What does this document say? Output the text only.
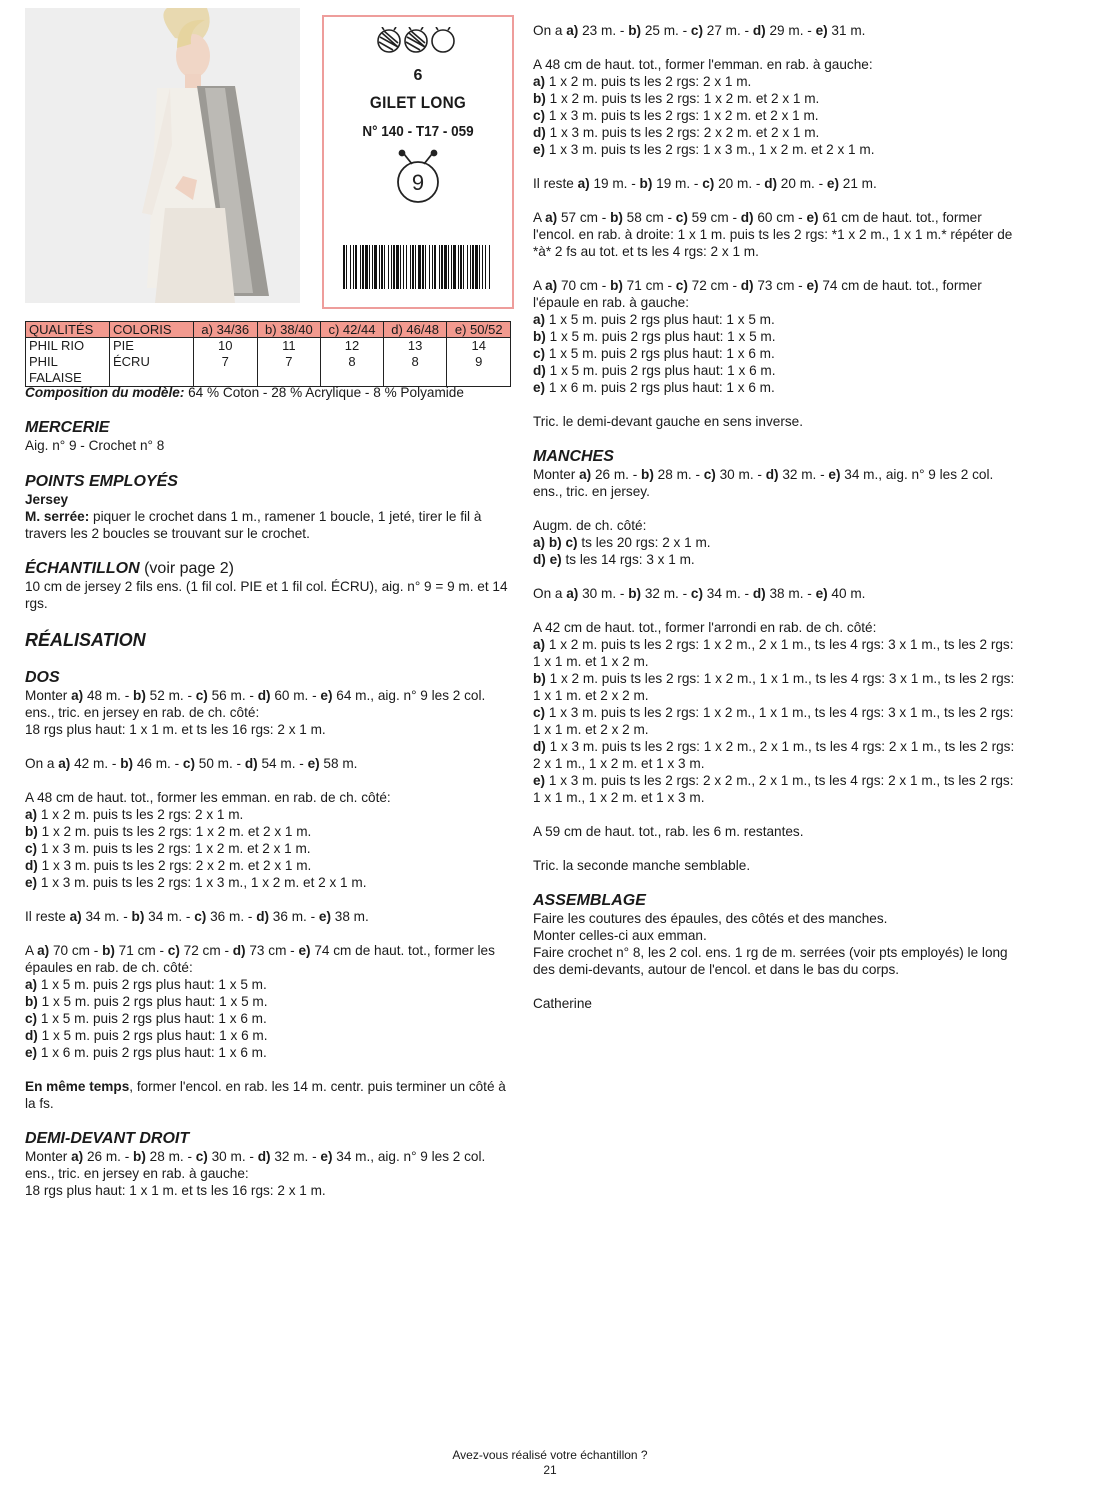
6
GILET LONG
N° 140 - T17 - 059
9
QUALITÉS	COLORIS	a) 34/36	b) 38/40	c) 42/44	d) 46/48	e) 50/52
PHIL RIO	PIE	10	11	12	13	14
PHIL FALAISE	ÉCRU	7	7	8	8	9

Composition du modèle: 64 % Coton - 28 % Acrylique - 8 % Polyamide

MERCERIE

Aig. n° 9 - Crochet n° 8

POINTS EMPLOYÉS

Jersey

M. serrée: piquer le crochet dans 1 m., ramener 1 boucle, 1 jeté, tirer le fil à travers les 2 boucles se trouvant sur le crochet.

ÉCHANTILLON (voir page 2)

10 cm de jersey 2 fils ens. (1 fil col. PIE et 1 fil col. ÉCRU), aig. n° 9 = 9 m. et 14 rgs.

RÉALISATION
DOS

Monter a) 48 m. - b) 52 m. - c) 56 m. - d) 60 m. - e) 64 m., aig. n° 9 les 2 col. ens., tric. en jersey en rab. de ch. côté:

18 rgs plus haut: 1 x 1 m. et ts les 16 rgs: 2 x 1 m.

On a a) 42 m. - b) 46 m. - c) 50 m. - d) 54 m. - e) 58 m.

A 48 cm de haut. tot., former les emman. en rab. de ch. côté:

a) 1 x 2 m. puis ts les 2 rgs: 2 x 1 m.

b) 1 x 2 m. puis ts les 2 rgs: 1 x 2 m. et 2 x 1 m.

c) 1 x 3 m. puis ts les 2 rgs: 1 x 2 m. et 2 x 1 m.

d) 1 x 3 m. puis ts les 2 rgs: 2 x 2 m. et 2 x 1 m.

e) 1 x 3 m. puis ts les 2 rgs: 1 x 3 m., 1 x 2 m. et 2 x 1 m.

Il reste a) 34 m. - b) 34 m. - c) 36 m. - d) 36 m. - e) 38 m.

A a) 70 cm - b) 71 cm - c) 72 cm - d) 73 cm - e) 74 cm de haut. tot., former les épaules en rab. de ch. côté:

a) 1 x 5 m. puis 2 rgs plus haut: 1 x 5 m.

b) 1 x 5 m. puis 2 rgs plus haut: 1 x 5 m.

c) 1 x 5 m. puis 2 rgs plus haut: 1 x 6 m.

d) 1 x 5 m. puis 2 rgs plus haut: 1 x 6 m.

e) 1 x 6 m. puis 2 rgs plus haut: 1 x 6 m.

En même temps, former l'encol. en rab. les 14 m. centr. puis terminer un côté à la fs.

DEMI-DEVANT DROIT

Monter a) 26 m. - b) 28 m. - c) 30 m. - d) 32 m. - e) 34 m., aig. n° 9 les 2 col. ens., tric. en jersey en rab. à gauche:

18 rgs plus haut: 1 x 1 m. et ts les 16 rgs: 2 x 1 m.

On a a) 23 m. - b) 25 m. - c) 27 m. - d) 29 m. - e) 31 m.

A 48 cm de haut. tot., former l'emman. en rab. à gauche:

a) 1 x 2 m. puis ts les 2 rgs: 2 x 1 m.

b) 1 x 2 m. puis ts les 2 rgs: 1 x 2 m. et 2 x 1 m.

c) 1 x 3 m. puis ts les 2 rgs: 1 x 2 m. et 2 x 1 m.

d) 1 x 3 m. puis ts les 2 rgs: 2 x 2 m. et 2 x 1 m.

e) 1 x 3 m. puis ts les 2 rgs: 1 x 3 m., 1 x 2 m. et 2 x 1 m.

Il reste a) 19 m. - b) 19 m. - c) 20 m. - d) 20 m. - e) 21 m.

A a) 57 cm - b) 58 cm - c) 59 cm - d) 60 cm - e) 61 cm de haut. tot., former l'encol. en rab. à droite: 1 x 1 m. puis ts les 2 rgs: *1 x 2 m., 1 x 1 m.* répéter de *à* 2 fs au tot. et ts les 4 rgs: 2 x 1 m.

A a) 70 cm - b) 71 cm - c) 72 cm - d) 73 cm - e) 74 cm de haut. tot., former l'épaule en rab. à gauche:

a) 1 x 5 m. puis 2 rgs plus haut: 1 x 5 m.

b) 1 x 5 m. puis 2 rgs plus haut: 1 x 5 m.

c) 1 x 5 m. puis 2 rgs plus haut: 1 x 6 m.

d) 1 x 5 m. puis 2 rgs plus haut: 1 x 6 m.

e) 1 x 6 m. puis 2 rgs plus haut: 1 x 6 m.

Tric. le demi-devant gauche en sens inverse.

MANCHES

Monter a) 26 m. - b) 28 m. - c) 30 m. - d) 32 m. - e) 34 m., aig. n° 9 les 2 col. ens., tric. en jersey.

Augm. de ch. côté:

a) b) c) ts les 20 rgs: 2 x 1 m.

d) e) ts les 14 rgs: 3 x 1 m.

On a a) 30 m. - b) 32 m. - c) 34 m. - d) 38 m. - e) 40 m.

A 42 cm de haut. tot., former l'arrondi en rab. de ch. côté:

a) 1 x 2 m. puis ts les 2 rgs: 1 x 2 m., 2 x 1 m., ts les 4 rgs: 3 x 1 m., ts les 2 rgs: 1 x 1 m. et 1 x 2 m.

b) 1 x 2 m. puis ts les 2 rgs: 1 x 2 m., 1 x 1 m., ts les 4 rgs: 3 x 1 m., ts les 2 rgs: 1 x 1 m. et 2 x 2 m.

c) 1 x 3 m. puis ts les 2 rgs: 1 x 2 m., 1 x 1 m., ts les 4 rgs: 3 x 1 m., ts les 2 rgs: 1 x 1 m. et 2 x 2 m.

d) 1 x 3 m. puis ts les 2 rgs: 1 x 2 m., 2 x 1 m., ts les 4 rgs: 2 x 1 m., ts les 2 rgs: 2 x 1 m., 1 x 2 m. et 1 x 3 m.

e) 1 x 3 m. puis ts les 2 rgs: 2 x 2 m., 2 x 1 m., ts les 4 rgs: 2 x 1 m., ts les 2 rgs: 1 x 1 m., 1 x 2 m. et 1 x 3 m.

A 59 cm de haut. tot., rab. les 6 m. restantes.

Tric. la seconde manche semblable.

ASSEMBLAGE

Faire les coutures des épaules, des côtés et des manches.

Monter celles-ci aux emman.

Faire crochet n° 8, les 2 col. ens. 1 rg de m. serrées (voir pts employés) le long des demi-devants, autour de l'encol. et dans le bas du corps.

Catherine

Avez-vous réalisé votre échantillon ?
21
